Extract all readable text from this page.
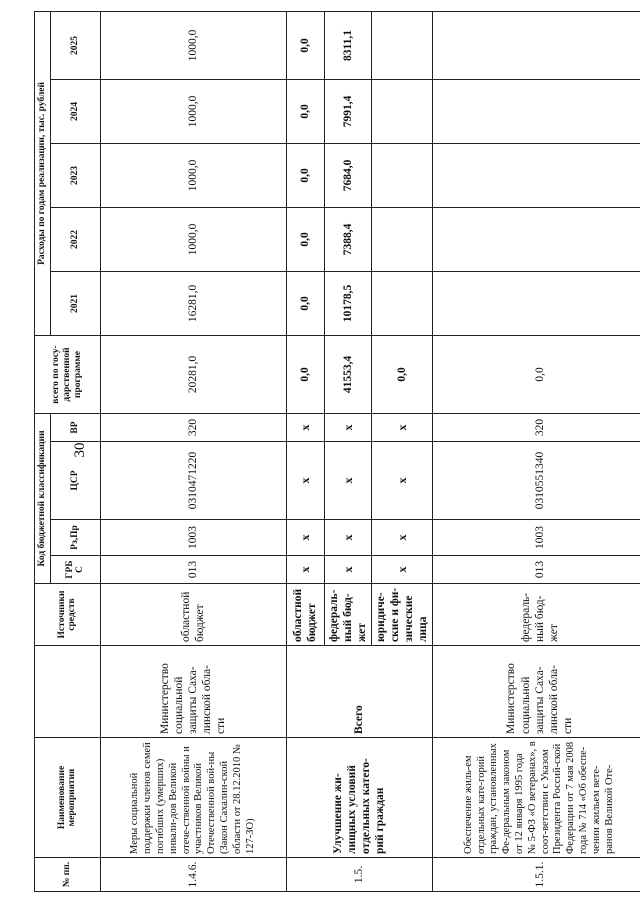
№ пп.	Наименование мероприятия		Источники средств	Код бюджетной классификации				всего по госу-дарственной программе	Расходы по годам реализации, тыс. рублей				
				ГРБ С	Рз,Пр	ЦСР	ВР		2021	2022	2023	2024	2025

1.4.6.	Меры социальной поддержки членов семей погибших (умерших) инвали-дов Великой отече-ственной войны и участников Великой Отечественной вой-ны (Закон Сахалин-ской области от 28.12.2010 № 127-ЗО)	Министерство социальной защиты Саха-линской обла-сти	областной бюджет	013	1003	0310471220	320	20281,0	16281,0	1000,0	1000,0	1000,0	1000,0
1.5.	Улучшение жи-лищных условий отдельных катего-рий граждан	Всего	областной бюджет	x	x	x	x	0,0	0,0	0,0	0,0	0,0	0,0
			федераль-ный бюд-жет	x	x	x	x	41553,4	10178,5	7388,4	7684,0	7991,4	8311,1
			юридиче-ские и фи-зические лица	x	x	x	x	0,0					
1.5.1.	Обеспечение жиль-ем отдельных кате-горий граждан, установленных Фе-деральным законом от 12 января 1995 года № 5-ФЗ «О ветеранах», в соот-ветствии с Указом Президента Россий-ской Федерации от 7 мая 2008 года № 714 «Об обеспе-чении жильем вете-ранов Великой Оте-	Министерство социальной защиты Саха-линской обла-сти	федераль-ный бюд-жет	013	1003	0310551340	320	0,0					
30
